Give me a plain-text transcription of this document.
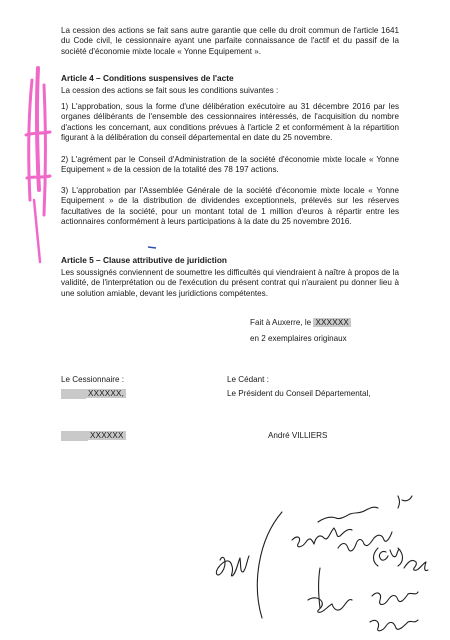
La cession des actions se fait sans autre garantie que celle du droit commun de l'article 1641 du Code civil, le cessionnaire ayant une parfaite connaissance de l'actif et du passif de la société d'économie mixte locale « Yonne Equipement ».

Article 4 – Conditions suspensives de l'acte

La cession des actions se fait sous les conditions suivantes :

1) L'approbation, sous la forme d'une délibération exécutoire au 31 décembre 2016 par les organes délibérants de l'ensemble des cessionnaires intéressés, de l'acquisition du nombre d'actions les concernant, aux conditions prévues à l'article 2 et conformément à la répartition figurant à la délibération du conseil départemental en date du 25 novembre.

2) L'agrément par le Conseil d'Administration de la société d'économie mixte locale « Yonne Equipement » de la cession de la totalité des 78 197 actions.

3) L'approbation par l'Assemblée Générale de la société d'économie mixte locale « Yonne Equipement » de la distribution de dividendes exceptionnels, prélevés sur les réserves facultatives de la société, pour un montant total de 1 million d'euros à répartir entre les actionnaires conformément à leurs participations à la date du 25 novembre 2016.

Article 5 – Clause attributive de juridiction

Les soussignés conviennent de soumettre les difficultés qui viendraient à naître à propos de la validité, de l'interprétation ou de l'exécution du présent contrat qui n'auraient pu donner lieu à une solution amiable, devant les juridictions compétentes.

Fait à Auxerre, le XXXXXX

en 2 exemplaires originaux

Le Cessionnaire :

XXXXXX,

Le Cédant :

Le Président du Conseil Départemental,

XXXXXX	André VILLIERS
